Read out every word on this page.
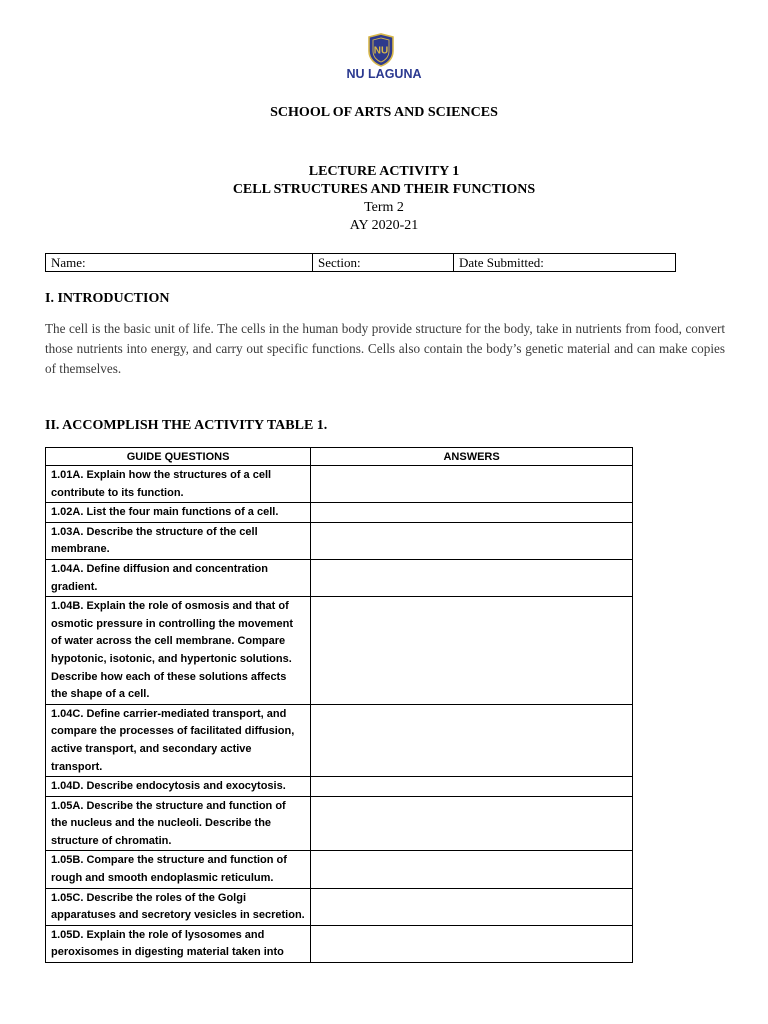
NU
NU LAGUNA
SCHOOL OF ARTS AND SCIENCES
LECTURE ACTIVITY 1
CELL STRUCTURES AND THEIR FUNCTIONS
Term 2
AY 2020-21
Name:	Section:	Date Submitted:
I. INTRODUCTION
The cell is the basic unit of life. The cells in the human body provide structure for the body, take in nutrients from food, convert those nutrients into energy, and carry out specific functions. Cells also contain the body’s genetic material and can make copies of themselves.
II. ACCOMPLISH THE ACTIVITY TABLE 1.
GUIDE QUESTIONS	ANSWERS
1.01A. Explain how the structures of a cell contribute to its function.	
1.02A. List the four main functions of a cell.	
1.03A. Describe the structure of the cell membrane.	
1.04A. Define diffusion and concentration gradient.	
1.04B. Explain the role of osmosis and that of osmotic pressure in controlling the movement of water across the cell membrane. Compare hypotonic, isotonic, and hypertonic solutions. Describe how each of these solutions affects the shape of a cell.	
1.04C. Define carrier-mediated transport, and compare the processes of facilitated diffusion, active transport, and secondary active transport.	
1.04D. Describe endocytosis and exocytosis.	
1.05A. Describe the structure and function of the nucleus and the nucleoli. Describe the structure of chromatin.	
1.05B. Compare the structure and function of rough and smooth endoplasmic reticulum.	
1.05C. Describe the roles of the Golgi apparatuses and secretory vesicles in secretion.	
1.05D. Explain the role of lysosomes and peroxisomes in digesting material taken into	
